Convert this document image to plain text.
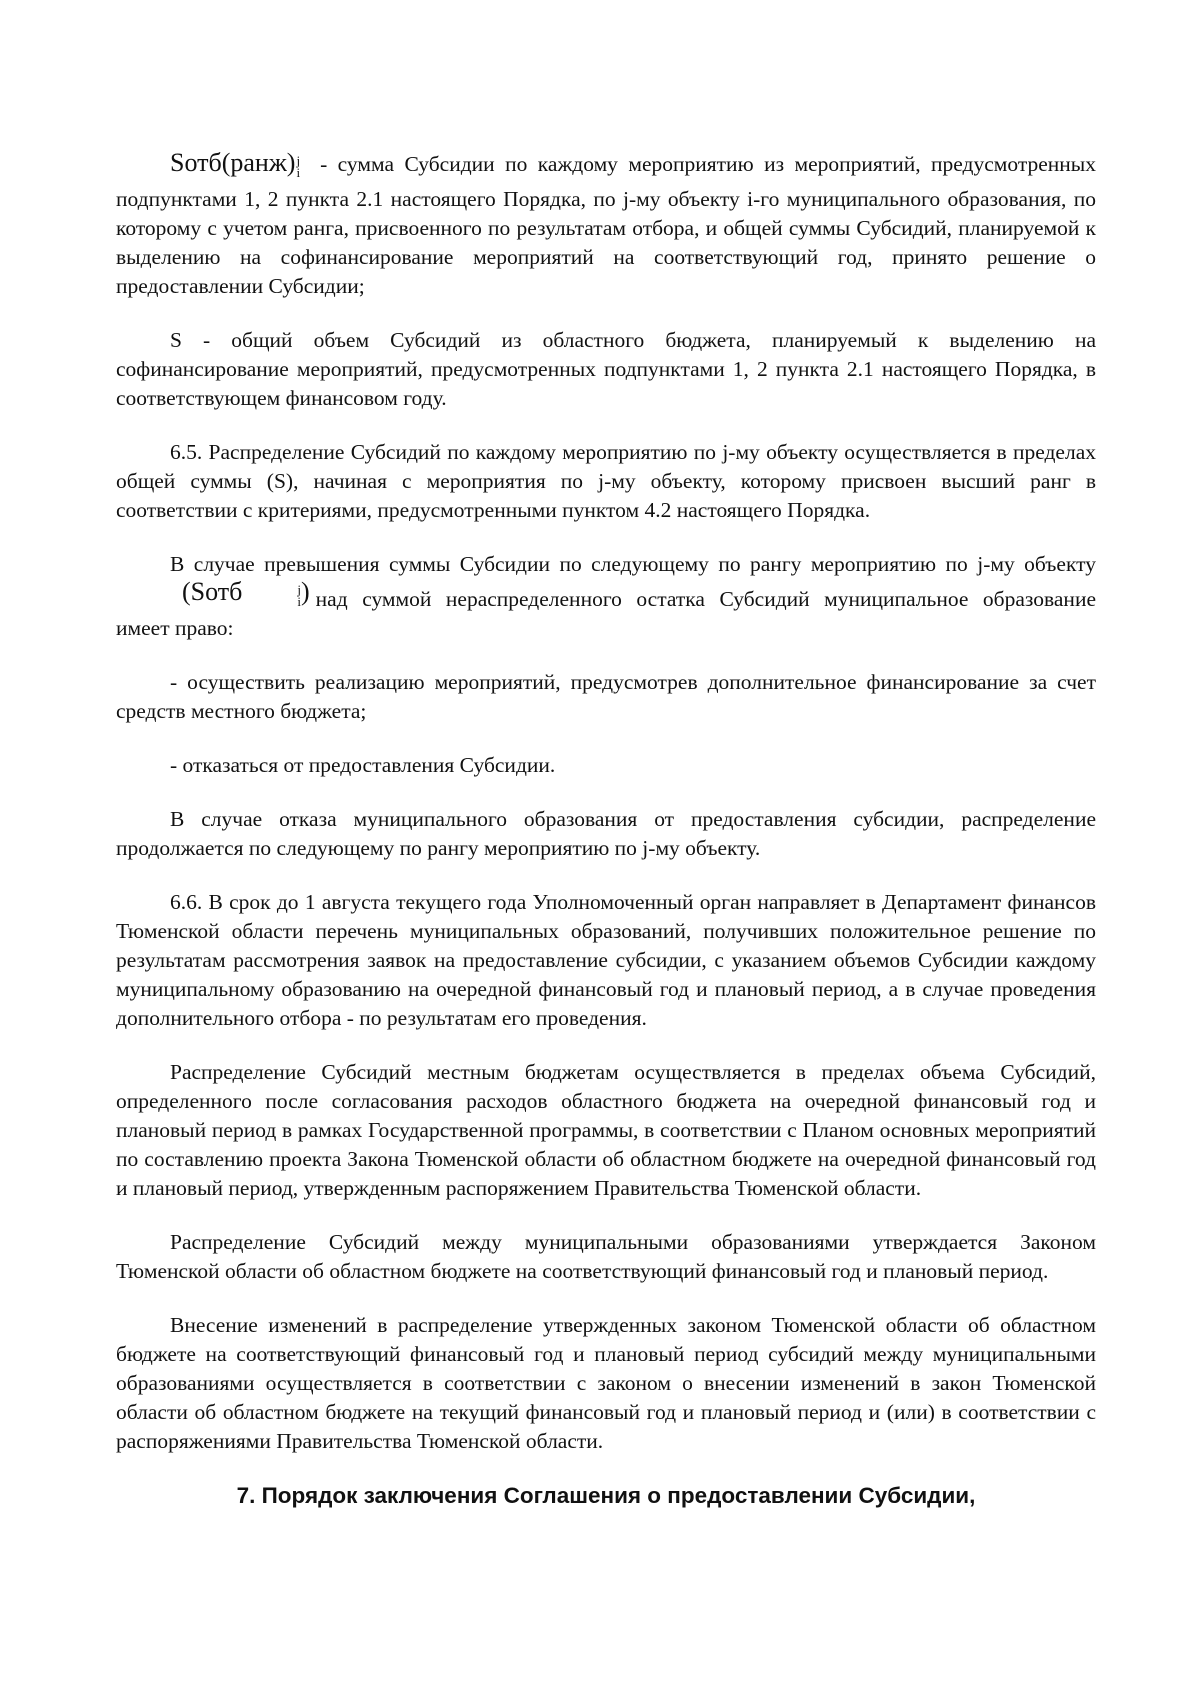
Sотб(ранж) j
i - сумма Субсидии по каждому мероприятию из мероприятий, предусмотренных подпунктами 1, 2 пункта 2.1 настоящего Порядка, по j-му объекту i-го муниципального образования, по которому с учетом ранга, присвоенного по результатам отбора, и общей суммы Субсидий, планируемой к выделению на софинансирование мероприятий на соответствующий год, принято решение о предоставлении Субсидии;

S - общий объем Субсидий из областного бюджета, планируемый к выделению на софинансирование мероприятий, предусмотренных подпунктами 1, 2 пункта 2.1 настоящего Порядка, в соответствующем финансовом году.

6.5. Распределение Субсидий по каждому мероприятию по j-му объекту осуществляется в пределах общей суммы (S), начиная с мероприятия по j-му объекту, которому присвоен высший ранг в соответствии с критериями, предусмотренными пунктом 4.2 настоящего Порядка.

В случае превышения суммы Субсидии по следующему по рангу мероприятию по j-му объекту(Sотб	j
i ) над суммой нераспределенного остатка Субсидий муниципальное образование имеет право:

- осуществить реализацию мероприятий, предусмотрев дополнительное финансирование за счет средств местного бюджета;

- отказаться от предоставления Субсидии.

В случае отказа муниципального образования от предоставления субсидии, распределение продолжается по следующему по рангу мероприятию по j-му объекту.

6.6. В срок до 1 августа текущего года Уполномоченный орган направляет в Департамент финансов Тюменской области перечень муниципальных образований, получивших положительное решение по результатам рассмотрения заявок на предоставление субсидии, с указанием объемов Субсидии каждому муниципальному образованию на очередной финансовый год и плановый период, а в случае проведения дополнительного отбора - по результатам его проведения.

Распределение Субсидий местным бюджетам осуществляется в пределах объема Субсидий, определенного после согласования расходов областного бюджета на очередной финансовый год и плановый период в рамках Государственной программы, в соответствии с Планом основных мероприятий по составлению проекта Закона Тюменской области об областном бюджете на очередной финансовый год и плановый период, утвержденным распоряжением Правительства Тюменской области.

Распределение Субсидий между муниципальными образованиями утверждается Законом Тюменской области об областном бюджете на соответствующий финансовый год и плановый период.

Внесение изменений в распределение утвержденных законом Тюменской области об областном бюджете на соответствующий финансовый год и плановый период субсидий между муниципальными образованиями осуществляется в соответствии с законом о внесении изменений в закон Тюменской области об областном бюджете на текущий финансовый год и плановый период и (или) в соответствии с распоряжениями Правительства Тюменской области.

7. Порядок заключения Соглашения о предоставлении Субсидии,
